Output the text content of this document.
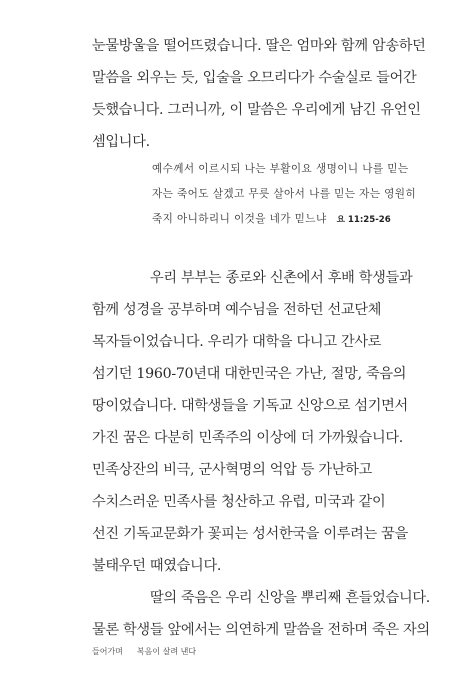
눈물방울을 떨어뜨렸습니다. 딸은 엄마와 함께 암송하던
말씀을 외우는 듯, 입술을 오므리다가 수술실로 들어간
듯했습니다. 그러니까, 이 말씀은 우리에게 남긴 유언인
셈입니다.
예수께서 이르시되 나는 부활이요 생명이니 나를 믿는
자는 죽어도 살겠고 무릇 살아서 나를 믿는 자는 영원히
죽지 아니하리니 이것을 네가 믿느냐 요 11:25-26
우리 부부는 종로와 신촌에서 후배 학생들과
함께 성경을 공부하며 예수님을 전하던 선교단체
목자들이었습니다. 우리가 대학을 다니고 간사로
섬기던 1960-70년대 대한민국은 가난, 절망, 죽음의
땅이었습니다. 대학생들을 기독교 신앙으로 섬기면서
가진 꿈은 다분히 민족주의 이상에 더 가까웠습니다.
민족상잔의 비극, 군사혁명의 억압 등 가난하고
수치스러운 민족사를 청산하고 유럽, 미국과 같이
선진 기독교문화가 꽃피는 성서한국을 이루려는 꿈을
불태우던 때였습니다.
딸의 죽음은 우리 신앙을 뿌리째 흔들었습니다.
물론 학생들 앞에서는 의연하게 말씀을 전하며 죽은 자의
들어가며 복음이 살려 낸다
